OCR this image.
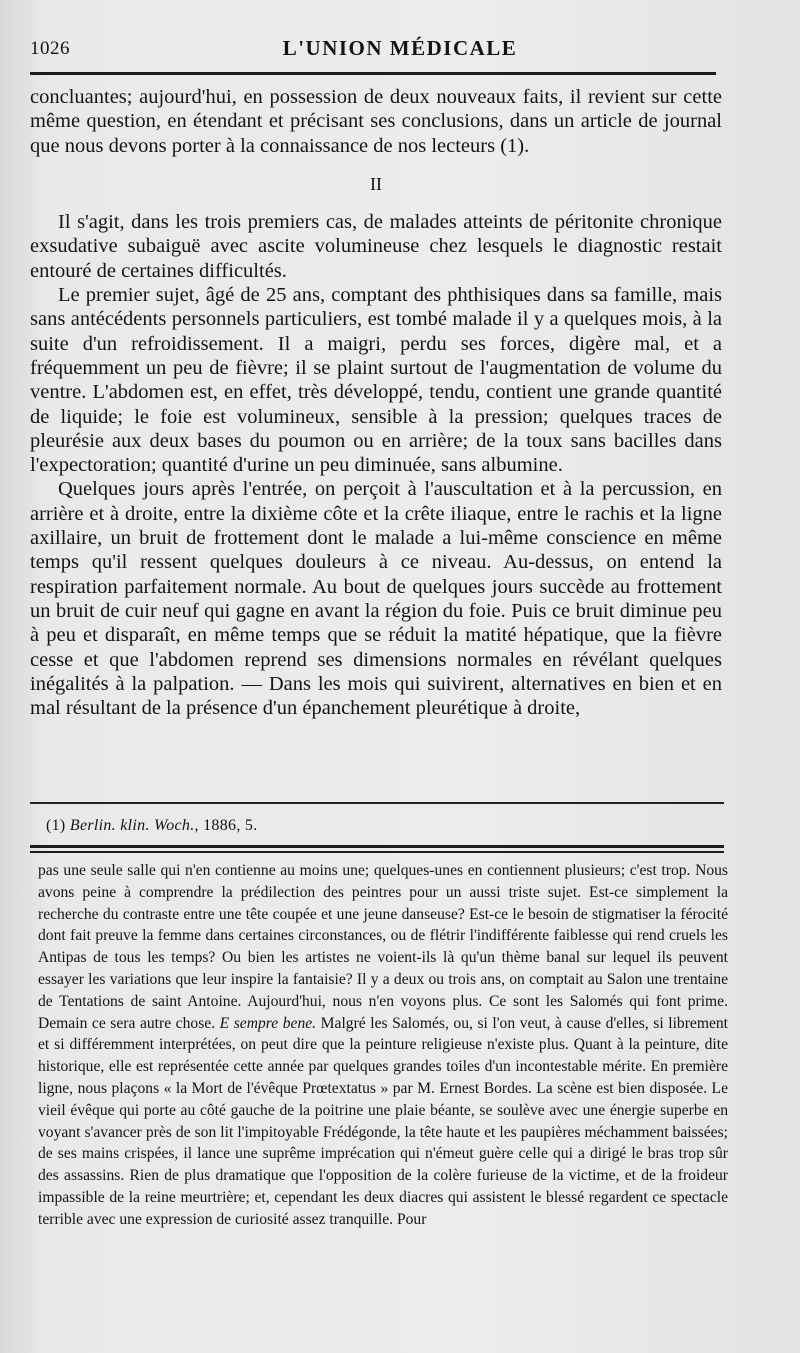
1026	L'UNION MÉDICALE

concluantes; aujourd'hui, en possession de deux nouveaux faits, il revient sur cette même question, en étendant et précisant ses conclusions, dans un article de journal que nous devons porter à la connaissance de nos lecteurs (1).

II

Il s'agit, dans les trois premiers cas, de malades atteints de péritonite chronique exsudative subaiguë avec ascite volumineuse chez lesquels le diagnostic restait entouré de certaines difficultés.

Le premier sujet, âgé de 25 ans, comptant des phthisiques dans sa famille, mais sans antécédents personnels particuliers, est tombé malade il y a quelques mois, à la suite d'un refroidissement. Il a maigri, perdu ses forces, digère mal, et a fréquemment un peu de fièvre; il se plaint surtout de l'augmentation de volume du ventre. L'abdomen est, en effet, très développé, tendu, contient une grande quantité de liquide; le foie est volumineux, sensible à la pression; quelques traces de pleurésie aux deux bases du poumon ou en arrière; de la toux sans bacilles dans l'expectoration; quantité d'urine un peu diminuée, sans albumine.

Quelques jours après l'entrée, on perçoit à l'auscultation et à la percussion, en arrière et à droite, entre la dixième côte et la crête iliaque, entre le rachis et la ligne axillaire, un bruit de frottement dont le malade a lui-même conscience en même temps qu'il ressent quelques douleurs à ce niveau. Au-dessus, on entend la respiration parfaitement normale. Au bout de quelques jours succède au frottement un bruit de cuir neuf qui gagne en avant la région du foie. Puis ce bruit diminue peu à peu et disparaît, en même temps que se réduit la matité hépatique, que la fièvre cesse et que l'abdomen reprend ses dimensions normales en révélant quelques inégalités à la palpation. — Dans les mois qui suivirent, alternatives en bien et en mal résultant de la présence d'un épanchement pleurétique à droite,

(1) Berlin. klin. Woch., 1886, 5.
pas une seule salle qui n'en contienne au moins une; quelques-unes en contiennent plusieurs; c'est trop. Nous avons peine à comprendre la prédilection des peintres pour un aussi triste sujet. Est-ce simplement la recherche du contraste entre une tête coupée et une jeune danseuse? Est-ce le besoin de stigmatiser la férocité dont fait preuve la femme dans certaines circonstances, ou de flétrir l'indifférente faiblesse qui rend cruels les Antipas de tous les temps? Ou bien les artistes ne voient-ils là qu'un thème banal sur lequel ils peuvent essayer les variations que leur inspire la fantaisie? Il y a deux ou trois ans, on comptait au Salon une trentaine de Tentations de saint Antoine. Aujourd'hui, nous n'en voyons plus. Ce sont les Salomés qui font prime. Demain ce sera autre chose. E sempre bene. Malgré les Salomés, ou, si l'on veut, à cause d'elles, si librement et si différemment interprétées, on peut dire que la peinture religieuse n'existe plus. Quant à la peinture, dite historique, elle est représentée cette année par quelques grandes toiles d'un incontestable mérite. En première ligne, nous plaçons « la Mort de l'évêque Prœtextatus » par M. Ernest Bordes. La scène est bien disposée. Le vieil évêque qui porte au côté gauche de la poitrine une plaie béante, se soulève avec une énergie superbe en voyant s'avancer près de son lit l'impitoyable Frédégonde, la tête haute et les paupières méchamment baissées; de ses mains crispées, il lance une suprême imprécation qui n'émeut guère celle qui a dirigé le bras trop sûr des assassins. Rien de plus dramatique que l'opposition de la colère furieuse de la victime, et de la froideur impassible de la reine meurtrière; et, cependant les deux diacres qui assistent le blessé regardent ce spectacle terrible avec une expression de curiosité assez tranquille. Pour
